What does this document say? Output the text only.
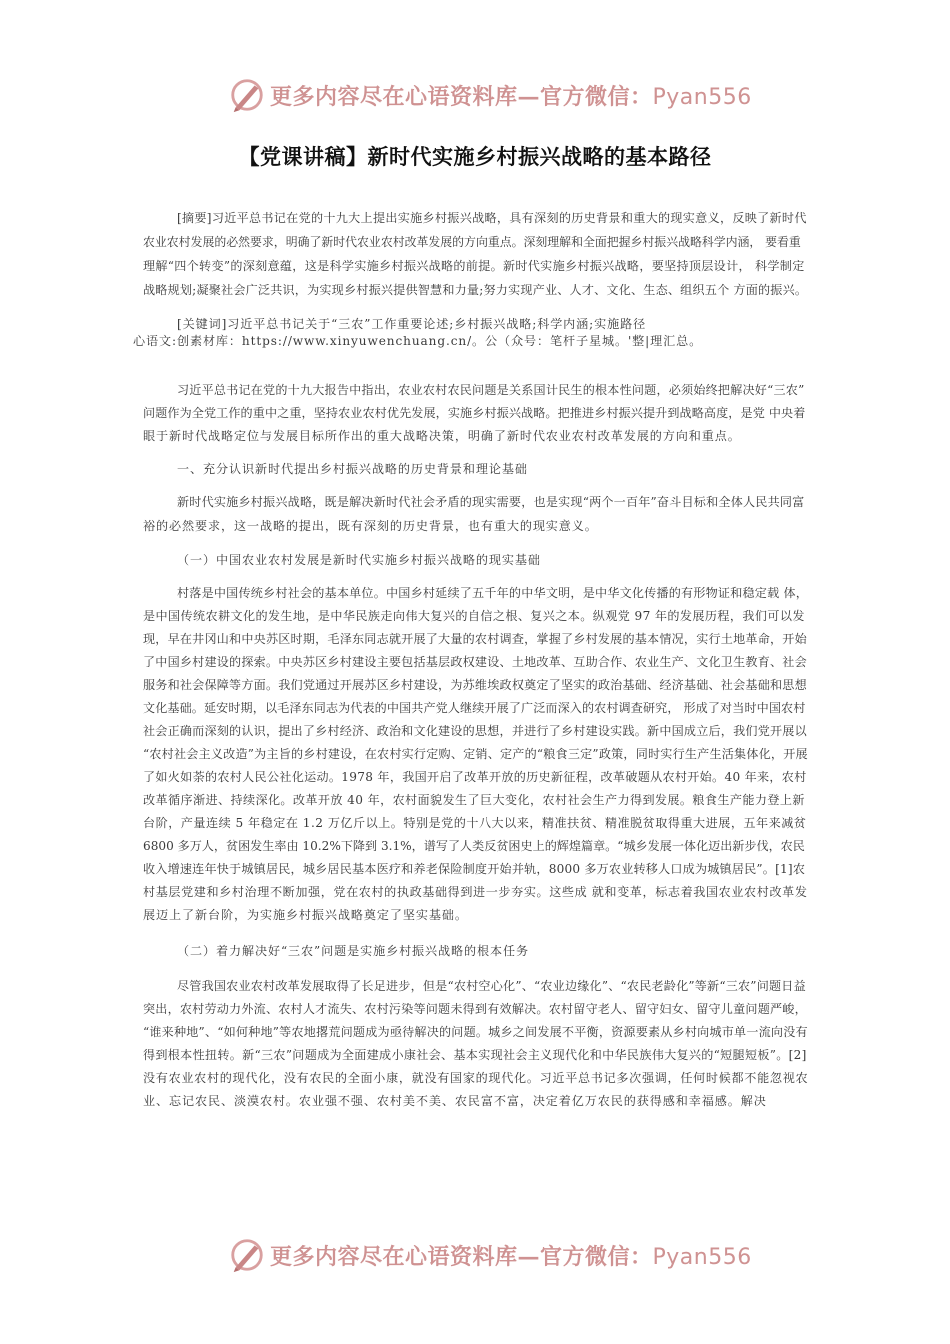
更多内容尽在心语资料库—官方微信：Pyan556
【党课讲稿】新时代实施乡村振兴战略的基本路径
[摘要]习近平总书记在党的十九大上提出实施乡村振兴战略，具有深刻的历史背景和重大的现实意义，反映了新时代
农业农村发展的必然要求，明确了新时代农业农村改革发展的方向重点。深刻理解和全面把握乡村振兴战略科学内涵， 要看重
理解“四个转变”的深刻意蕴，这是科学实施乡村振兴战略的前提。新时代实施乡村振兴战略，要坚持顶层设计， 科学制定
战略规划;凝聚社会广泛共识，为实现乡村振兴提供智慧和力量;努力实现产业、人才、文化、生态、组织五个 方面的振兴。
[关键词]习近平总书记关于“三农”工作重要论述;乡村振兴战略;科学内涵;实施路径
心语文:创素材库：https://www.xinyuwenchuang.cn/。公（众号：笔杆子星城。'整|理汇总。
习近平总书记在党的十九大报告中指出，农业农村农民问题是关系国计民生的根本性问题，必须始终把解决好“三农”
问题作为全党工作的重中之重，坚持农业农村优先发展，实施乡村振兴战略。把推进乡村振兴提升到战略高度，是党 中央着
眼于新时代战略定位与发展目标所作出的重大战略决策，明确了新时代农业农村改革发展的方向和重点。
一、充分认识新时代提出乡村振兴战略的历史背景和理论基础
新时代实施乡村振兴战略，既是解决新时代社会矛盾的现实需要，也是实现“两个一百年”奋斗目标和全体人民共同富
裕的必然要求，这一战略的提出，既有深刻的历史背景，也有重大的现实意义。
（一）中国农业农村发展是新时代实施乡村振兴战略的现实基础
村落是中国传统乡村社会的基本单位。中国乡村延续了五千年的中华文明，是中华文化传播的有形物证和稳定载 体，
是中国传统农耕文化的发生地，是中华民族走向伟大复兴的自信之根、复兴之本。纵观党 97 年的发展历程，我们可以发
现，早在井冈山和中央苏区时期，毛泽东同志就开展了大量的农村调查，掌握了乡村发展的基本情况，实行土地革命，开始
了中国乡村建设的探索。中央苏区乡村建设主要包括基层政权建设、土地改革、互助合作、农业生产、文化卫生教育、社会
服务和社会保障等方面。我们党通过开展苏区乡村建设，为苏维埃政权奠定了坚实的政治基础、经济基础、社会基础和思想
文化基础。延安时期，以毛泽东同志为代表的中国共产党人继续开展了广泛而深入的农村调查研究， 形成了对当时中国农村
社会正确而深刻的认识，提出了乡村经济、政治和文化建设的思想，并进行了乡村建设实践。新中国成立后，我们党开展以
“农村社会主义改造”为主旨的乡村建设，在农村实行定购、定销、定产的“粮食三定”政策，同时实行生产生活集体化，开展
了如火如荼的农村人民公社化运动。1978 年，我国开启了改革开放的历史新征程，改革破题从农村开始。40 年来，农村
改革循序渐进、持续深化。改革开放 40 年，农村面貌发生了巨大变化，农村社会生产力得到发展。粮食生产能力登上新
台阶，产量连续 5 年稳定在 1.2 万亿斤以上。特别是党的十八大以来，精准扶贫、精准脱贫取得重大进展，五年来减贫
6800 多万人，贫困发生率由 10.2%下降到 3.1%，谱写了人类反贫困史上的辉煌篇章。“城乡发展一体化迈出新步伐，农民
收入增速连年快于城镇居民，城乡居民基本医疗和养老保险制度开始并轨，8000 多万农业转移人口成为城镇居民”。[1]农
村基层党建和乡村治理不断加强，党在农村的执政基础得到进一步夯实。这些成 就和变革，标志着我国农业农村改革发
展迈上了新台阶，为实施乡村振兴战略奠定了坚实基础。
（二）着力解决好“三农”问题是实施乡村振兴战略的根本任务
尽管我国农业农村改革发展取得了长足进步，但是“农村空心化”、“农业边缘化”、“农民老龄化”等新“三农”问题日益
突出，农村劳动力外流、农村人才流失、农村污染等问题未得到有效解决。农村留守老人、留守妇女、留守儿童问题严峻，
“谁来种地”、“如何种地”等农地撂荒问题成为亟待解决的问题。城乡之间发展不平衡，资源要素从乡村向城市单一流向没有
得到根本性扭转。新“三农”问题成为全面建成小康社会、基本实现社会主义现代化和中华民族伟大复兴的“短腿短板”。[2]
没有农业农村的现代化，没有农民的全面小康，就没有国家的现代化。习近平总书记多次强调，任何时候都不能忽视农
业、忘记农民、淡漠农村。农业强不强、农村美不美、农民富不富，决定着亿万农民的获得感和幸福感。解决
更多内容尽在心语资料库—官方微信：Pyan556
